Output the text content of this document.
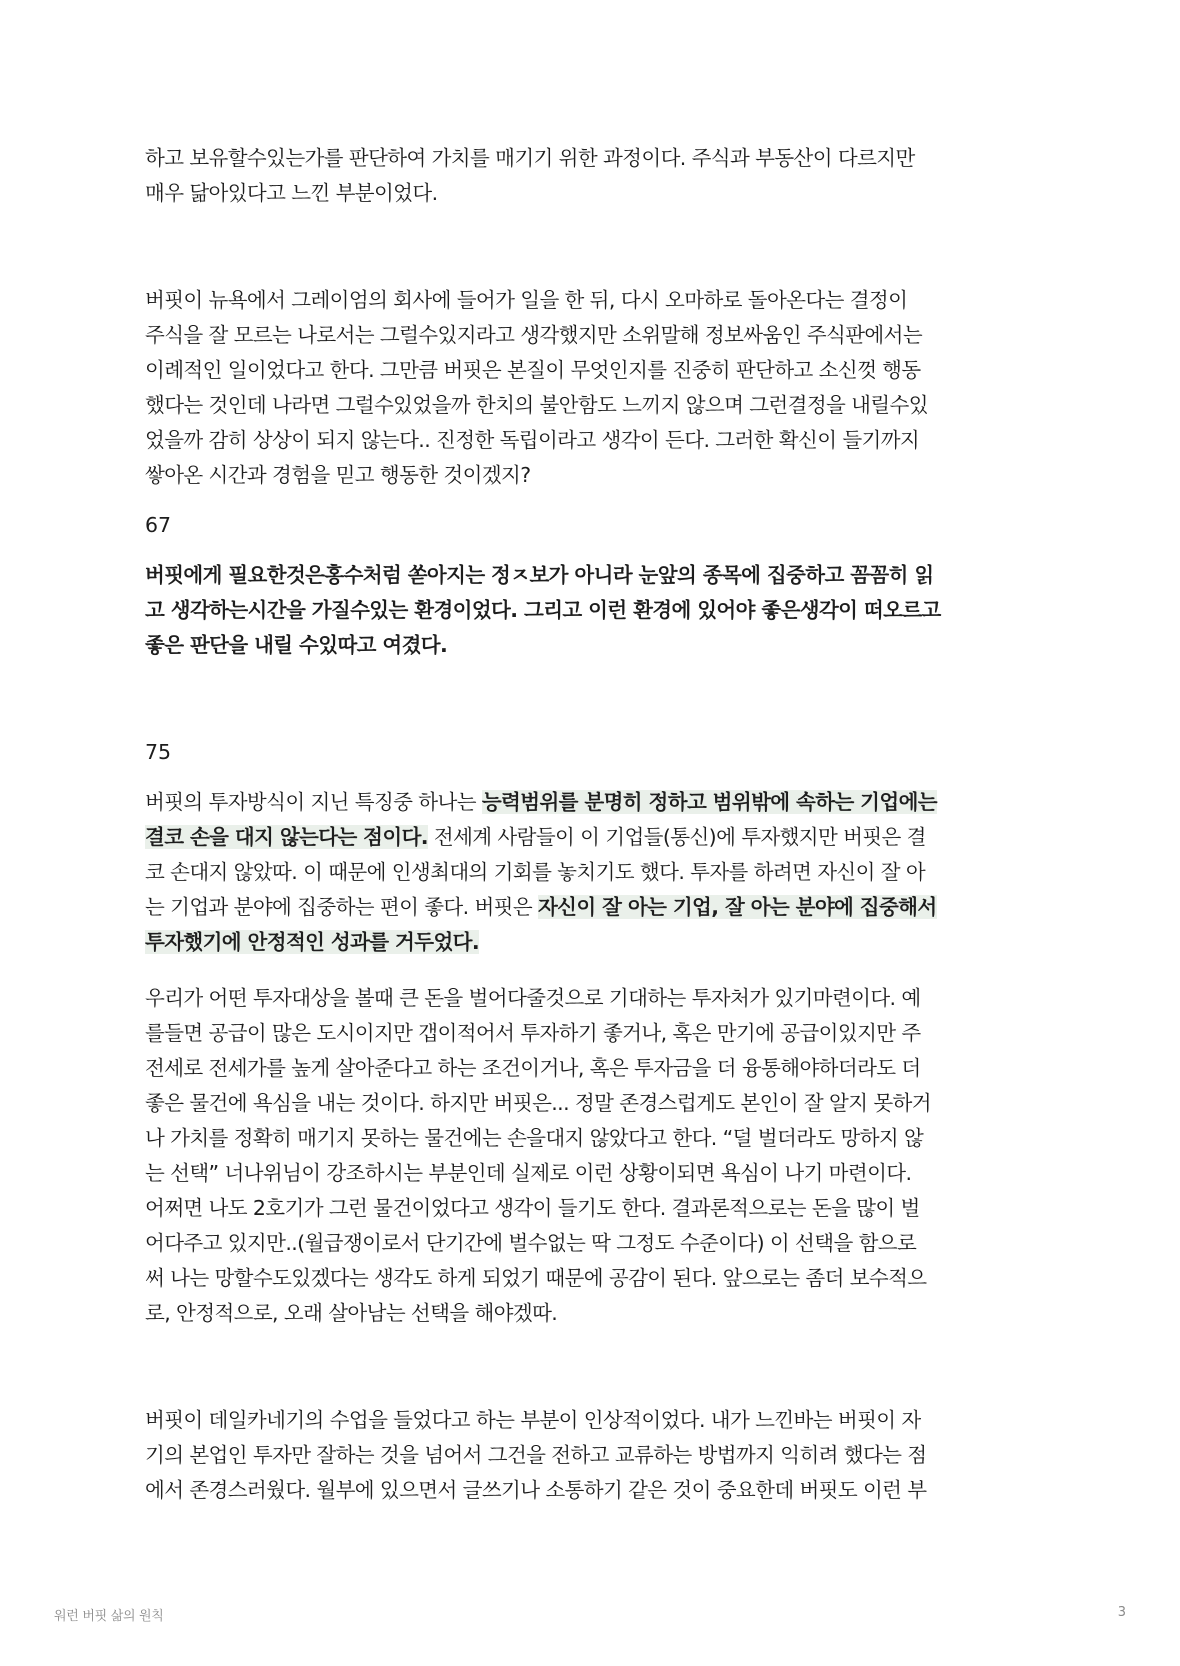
하고 보유할수있는가를 판단하여 가치를 매기기 위한 과정이다. 주식과 부동산이 다르지만
매우 닮아있다고 느낀 부분이었다.

버핏이 뉴욕에서 그레이엄의 회사에 들어가 일을 한 뒤, 다시 오마하로 돌아온다는 결정이
주식을 잘 모르는 나로서는 그럴수있지라고 생각했지만 소위말해 정보싸움인 주식판에서는
이례적인 일이었다고 한다. 그만큼 버핏은 본질이 무엇인지를 진중히 판단하고 소신껏 행동
했다는 것인데 나라면 그럴수있었을까 한치의 불안함도 느끼지 않으며 그런결정을 내릴수있
었을까 감히 상상이 되지 않는다.. 진정한 독립이라고 생각이 든다. 그러한 확신이 들기까지
쌓아온 시간과 경험을 믿고 행동한 것이겠지?

67

버핏에게 필요한것은홍수처럼 쏟아지는 정ㅈ보가 아니라 눈앞의 종목에 집중하고 꼼꼼히 읽
고 생각하는시간을 가질수있는 환경이었다. 그리고 이런 환경에 있어야 좋은생각이 떠오르고
좋은 판단을 내릴 수있따고 여겼다.

75

버핏의 투자방식이 지닌 특징중 하나는 능력범위를 분명히 정하고 범위밖에 속하는 기업에는
결코 손을 대지 않는다는 점이다. 전세계 사람들이 이 기업들(통신)에 투자했지만 버핏은 결
코 손대지 않았따. 이 때문에 인생최대의 기회를 놓치기도 했다. 투자를 하려면 자신이 잘 아
는 기업과 분야에 집중하는 편이 좋다. 버핏은 자신이 잘 아는 기업, 잘 아는 분야에 집중해서
투자했기에 안정적인 성과를 거두었다.

우리가 어떤 투자대상을 볼때 큰 돈을 벌어다줄것으로 기대하는 투자처가 있기마련이다. 예
를들면 공급이 많은 도시이지만 갭이적어서 투자하기 좋거나, 혹은 만기에 공급이있지만 주
전세로 전세가를 높게 살아준다고 하는 조건이거나, 혹은 투자금을 더 융통해야하더라도 더
좋은 물건에 욕심을 내는 것이다. 하지만 버핏은... 정말 존경스럽게도 본인이 잘 알지 못하거
나 가치를 정확히 매기지 못하는 물건에는 손을대지 않았다고 한다. “덜 벌더라도 망하지 않
는 선택” 너나위님이 강조하시는 부분인데 실제로 이런 상황이되면 욕심이 나기 마련이다.
어쩌면 나도 2호기가 그런 물건이었다고 생각이 들기도 한다. 결과론적으로는 돈을 많이 벌
어다주고 있지만..(월급쟁이로서 단기간에 벌수없는 딱 그정도 수준이다) 이 선택을 함으로
써 나는 망할수도있겠다는 생각도 하게 되었기 때문에 공감이 된다. 앞으로는 좀더 보수적으
로, 안정적으로, 오래 살아남는 선택을 해야겠따.

버핏이 데일카네기의 수업을 들었다고 하는 부분이 인상적이었다. 내가 느낀바는 버핏이 자
기의 본업인 투자만 잘하는 것을 넘어서 그건을 전하고 교류하는 방법까지 익히려 했다는 점
에서 존경스러웠다. 월부에 있으면서 글쓰기나 소통하기 같은 것이 중요한데 버핏도 이런 부

워런 버핏 삶의 원칙	3
